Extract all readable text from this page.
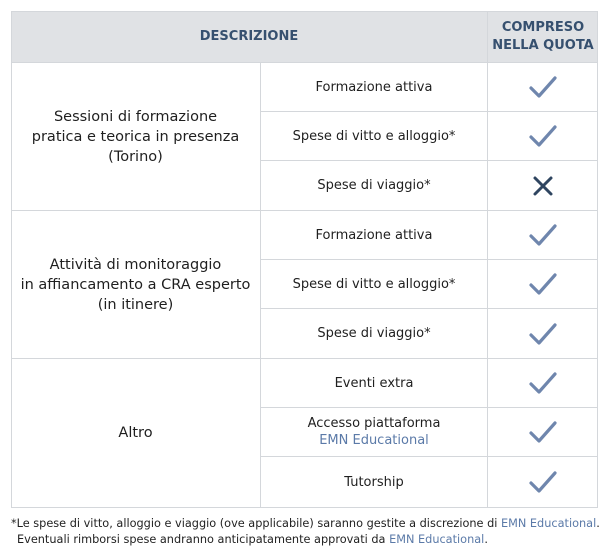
DESCRIZIONE
COMPRESO
NELLA QUOTA
Sessioni di formazione
pratica e teorica in presenza
(Torino)
Formazione attiva
Spese di vitto e alloggio*
Spese di viaggio*
Attività di monitoraggio
in affiancamento a CRA esperto
(in itinere)
Formazione attiva
Spese di vitto e alloggio*
Spese di viaggio*
Altro
Eventi extra
Accesso piattaforma
EMN Educational
Tutorship
*Le spese di vitto, alloggio e viaggio (ove applicabile) saranno gestite a discrezione di EMN Educational.
Eventuali rimborsi spese andranno anticipatamente approvati da EMN Educational.
